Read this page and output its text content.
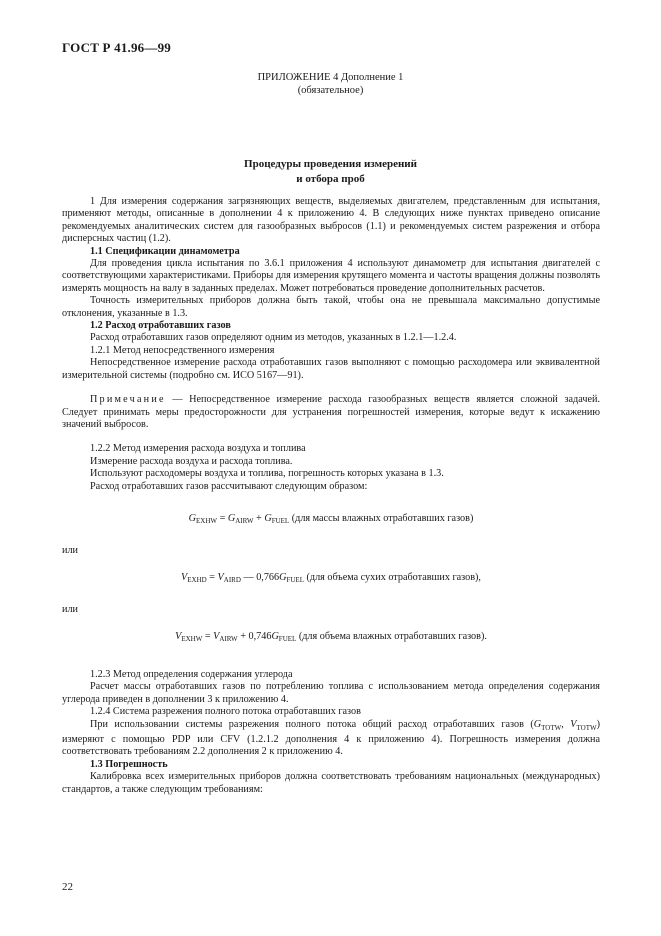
ГОСТ Р 41.96—99
ПРИЛОЖЕНИЕ 4 Дополнение 1
(обязательное)
Процедуры проведения измерений
и отбора проб

1 Для измерения содержания загрязняющих веществ, выделяемых двигателем, представленным для испытания, применяют методы, описанные в дополнении 4 к приложению 4. В следующих ниже пунктах приведено описание рекомендуемых аналитических систем для газообразных выбросов (1.1) и рекомендуемых систем разрежения и отбора дисперсных частиц (1.2).

1.1 Спецификации динамометра

Для проведения цикла испытания по 3.6.1 приложения 4 используют динамометр для испытания двигателей с соответствующими характеристиками. Приборы для измерения крутящего момента и частоты вращения должны позволять измерять мощность на валу в заданных пределах. Может потребоваться проведение дополнительных расчетов.

Точность измерительных приборов должна быть такой, чтобы она не превышала максимально допустимые отклонения, указанные в 1.3.

1.2 Расход отработавших газов

Расход отработавших газов определяют одним из методов, указанных в 1.2.1—1.2.4.

1.2.1 Метод непосредственного измерения

Непосредственное измерение расхода отработавших газов выполняют с помощью расходомера или эквивалентной измерительной системы (подробно см. ИСО 5167—91).

Примечание — Непосредственное измерение расхода газообразных веществ является сложной задачей. Следует принимать меры предосторожности для устранения погрешностей измерения, которые ведут к искажению значений выбросов.

1.2.2 Метод измерения расхода воздуха и топлива
Измерение расхода воздуха и расхода топлива.
Используют расходомеры воздуха и топлива, погрешность которых указана в 1.3.
Расход отработавших газов рассчитывают следующим образом:
$G_{EXHW} = G_{AIRW} + G_{FUEL}$ (для массы влажных отработавших газов)
или
$V_{EXHD} = V_{AIRD}$ — $0,766G_{FUEL}$ (для объема сухих отработавших газов),
или
$V_{EXHW} = V_{AIRW} + 0,746G_{FUEL}$ (для объема влажных отработавших газов).
1.2.3 Метод определения содержания углерода

Расчет массы отработавших газов по потреблению топлива с использованием метода определения содержания углерода приведен в дополнении 3 к приложению 4.

1.2.4 Система разрежения полного потока отработавших газов

При использовании системы разрежения полного потока общий расход отработавших газов ($G_{TOTW}$, $V_{TOTW}$) измеряют с помощью PDP или CFV (1.2.1.2 дополнения 4 к приложению 4). Погрешность измерения должна соответствовать требованиям 2.2 дополнения 2 к приложению 4.

1.3 Погрешность

Калибровка всех измерительных приборов должна соответствовать требованиям национальных (международных) стандартов, а также следующим требованиям:

22
